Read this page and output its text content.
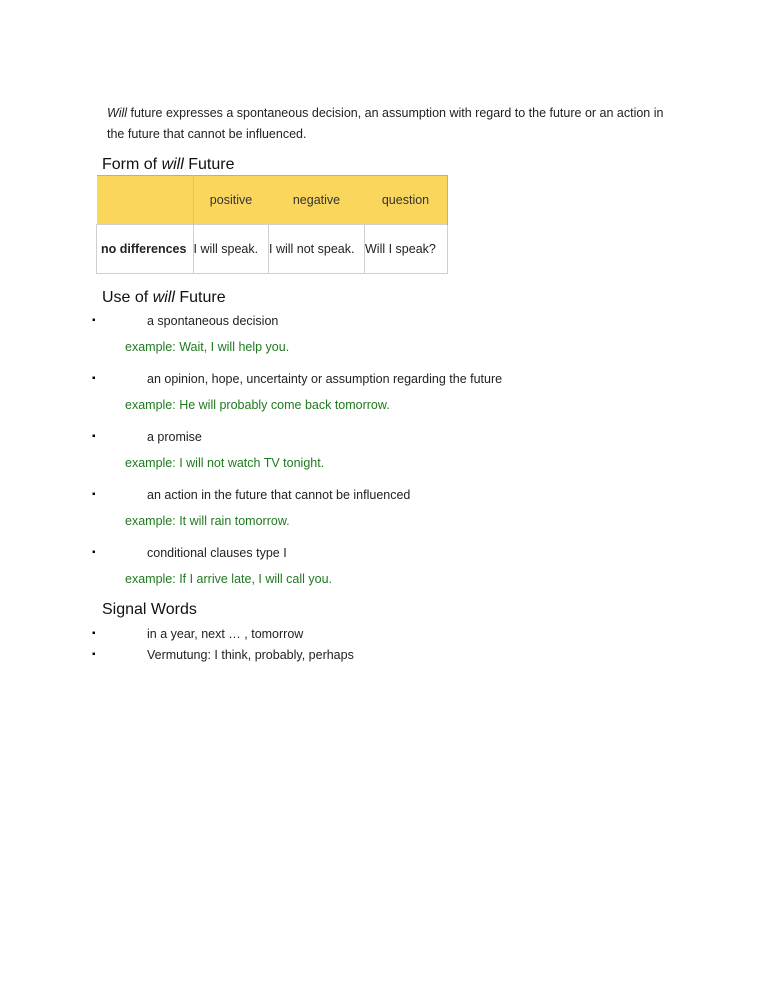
Will future expresses a spontaneous decision, an assumption with regard to the future or an action in the future that cannot be influenced.

Form of will Future
	positive	negative	question
no differences	I will speak.	I will not speak.	Will I speak?
Use of will Future
▪	a spontaneous decision
example: Wait, I will help you.
▪	an opinion, hope, uncertainty or assumption regarding the future
example: He will probably come back tomorrow.
▪	a promise
example: I will not watch TV tonight.
▪	an action in the future that cannot be influenced
example: It will rain tomorrow.
▪	conditional clauses type I
example: If I arrive late, I will call you.
Signal Words
▪	in a year, next … , tomorrow
▪	Vermutung: I think, probably, perhaps
